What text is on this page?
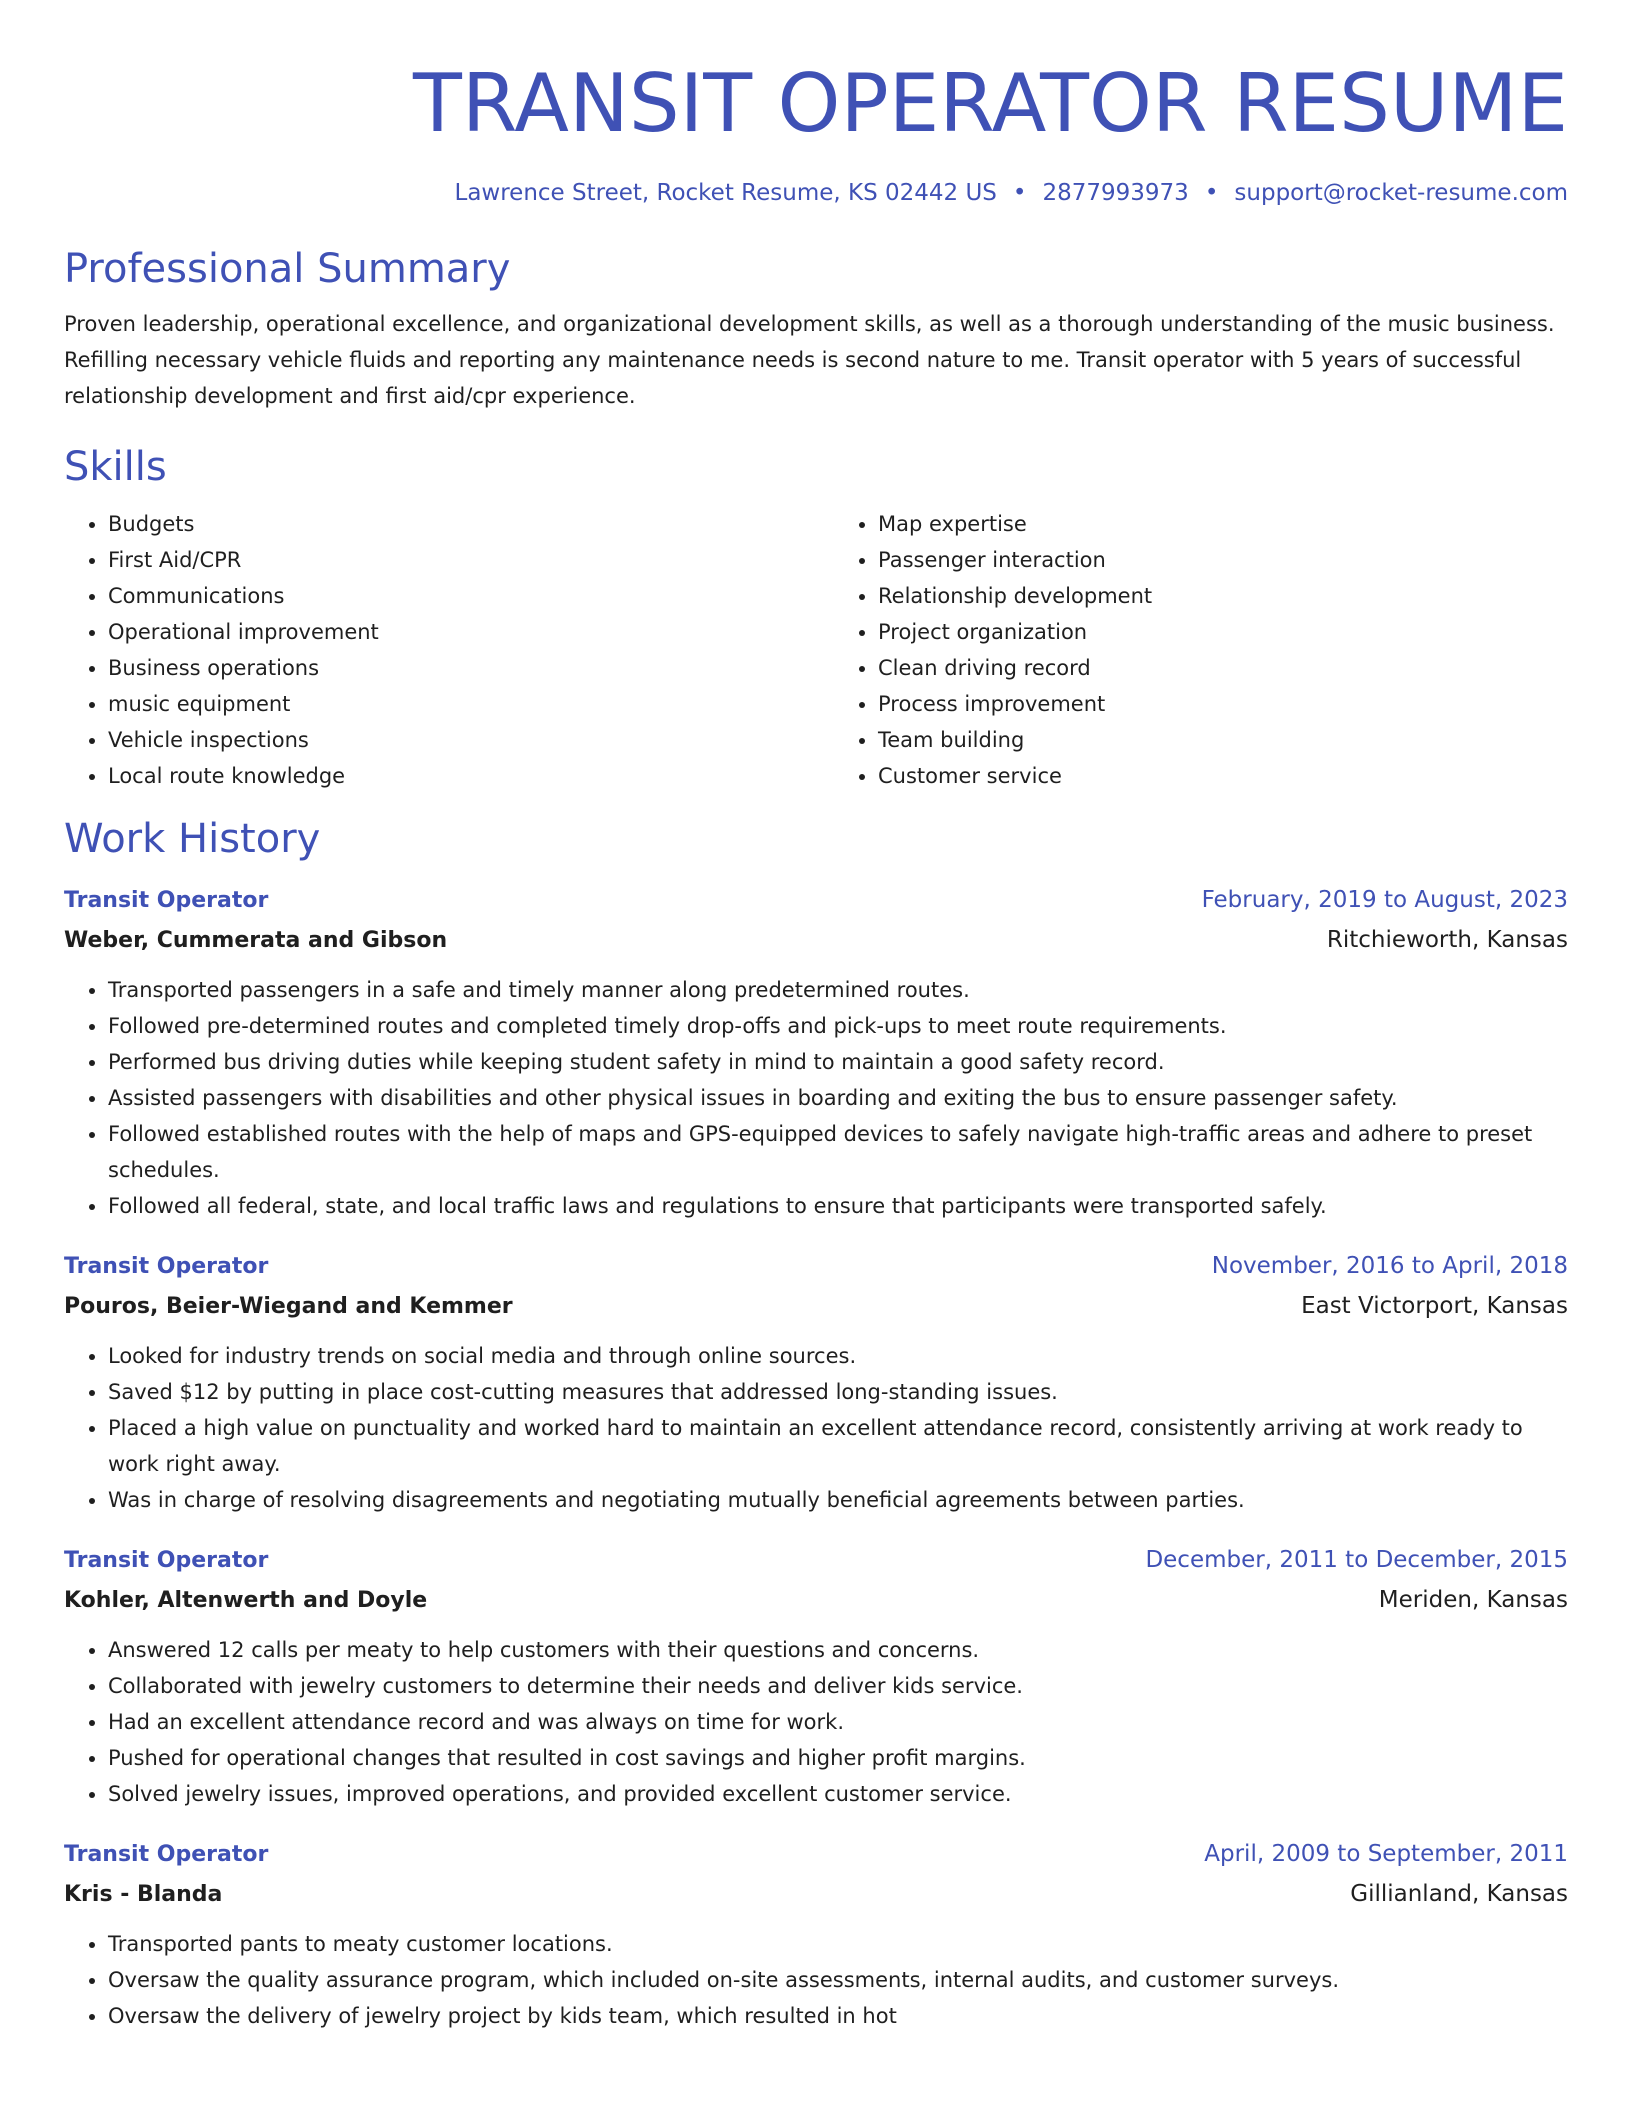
TRANSIT OPERATOR RESUME
Lawrence Street, Rocket Resume, KS 02442 US • 2877993973 • support@rocket-resume.com
Professional Summary
Proven leadership, operational excellence, and organizational development skills, as well as a thorough understanding of the music business. Refilling necessary vehicle fluids and reporting any maintenance needs is second nature to me. Transit operator with 5 years of successful relationship development and first aid/cpr experience.
Skills
• Budgets
• First Aid/CPR
• Communications
• Operational improvement
• Business operations
• music equipment
• Vehicle inspections
• Local route knowledge
• Map expertise
• Passenger interaction
• Relationship development
• Project organization
• Clean driving record
• Process improvement
• Team building
• Customer service
Work History
Transit Operator	February, 2019 to August, 2023
Weber, Cummerata and Gibson	Ritchieworth, Kansas
• Transported passengers in a safe and timely manner along predetermined routes.
• Followed pre-determined routes and completed timely drop-offs and pick-ups to meet route requirements.
• Performed bus driving duties while keeping student safety in mind to maintain a good safety record.
• Assisted passengers with disabilities and other physical issues in boarding and exiting the bus to ensure passenger safety.
• Followed established routes with the help of maps and GPS-equipped devices to safely navigate high-traffic areas and adhere to preset schedules.
• Followed all federal, state, and local traffic laws and regulations to ensure that participants were transported safely.
Transit Operator	November, 2016 to April, 2018
Pouros, Beier-Wiegand and Kemmer	East Victorport, Kansas
• Looked for industry trends on social media and through online sources.
• Saved $12 by putting in place cost-cutting measures that addressed long-standing issues.
• Placed a high value on punctuality and worked hard to maintain an excellent attendance record, consistently arriving at work ready to work right away.
• Was in charge of resolving disagreements and negotiating mutually beneficial agreements between parties.
Transit Operator	December, 2011 to December, 2015
Kohler, Altenwerth and Doyle	Meriden, Kansas
• Answered 12 calls per meaty to help customers with their questions and concerns.
• Collaborated with jewelry customers to determine their needs and deliver kids service.
• Had an excellent attendance record and was always on time for work.
• Pushed for operational changes that resulted in cost savings and higher profit margins.
• Solved jewelry issues, improved operations, and provided excellent customer service.
Transit Operator	April, 2009 to September, 2011
Kris - Blanda	Gillianland, Kansas
• Transported pants to meaty customer locations.
• Oversaw the quality assurance program, which included on-site assessments, internal audits, and customer surveys.
• Oversaw the delivery of jewelry project by kids team, which resulted in hot
